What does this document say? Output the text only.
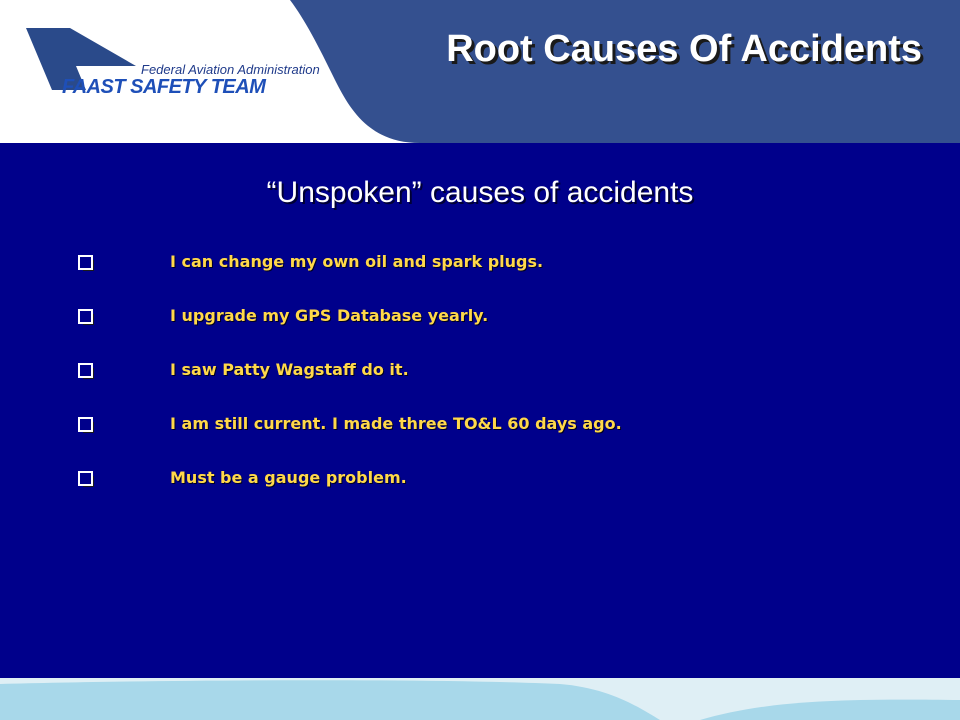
Federal Aviation Administration
FAAST SAFETY TEAM
Root Causes Of Accidents
“Unspoken” causes of accidents
I can change my own oil and spark plugs.
I upgrade my GPS Database yearly.
I saw Patty Wagstaff do it.
I am still current. I made three TO&L 60 days ago.
Must be a gauge problem.
